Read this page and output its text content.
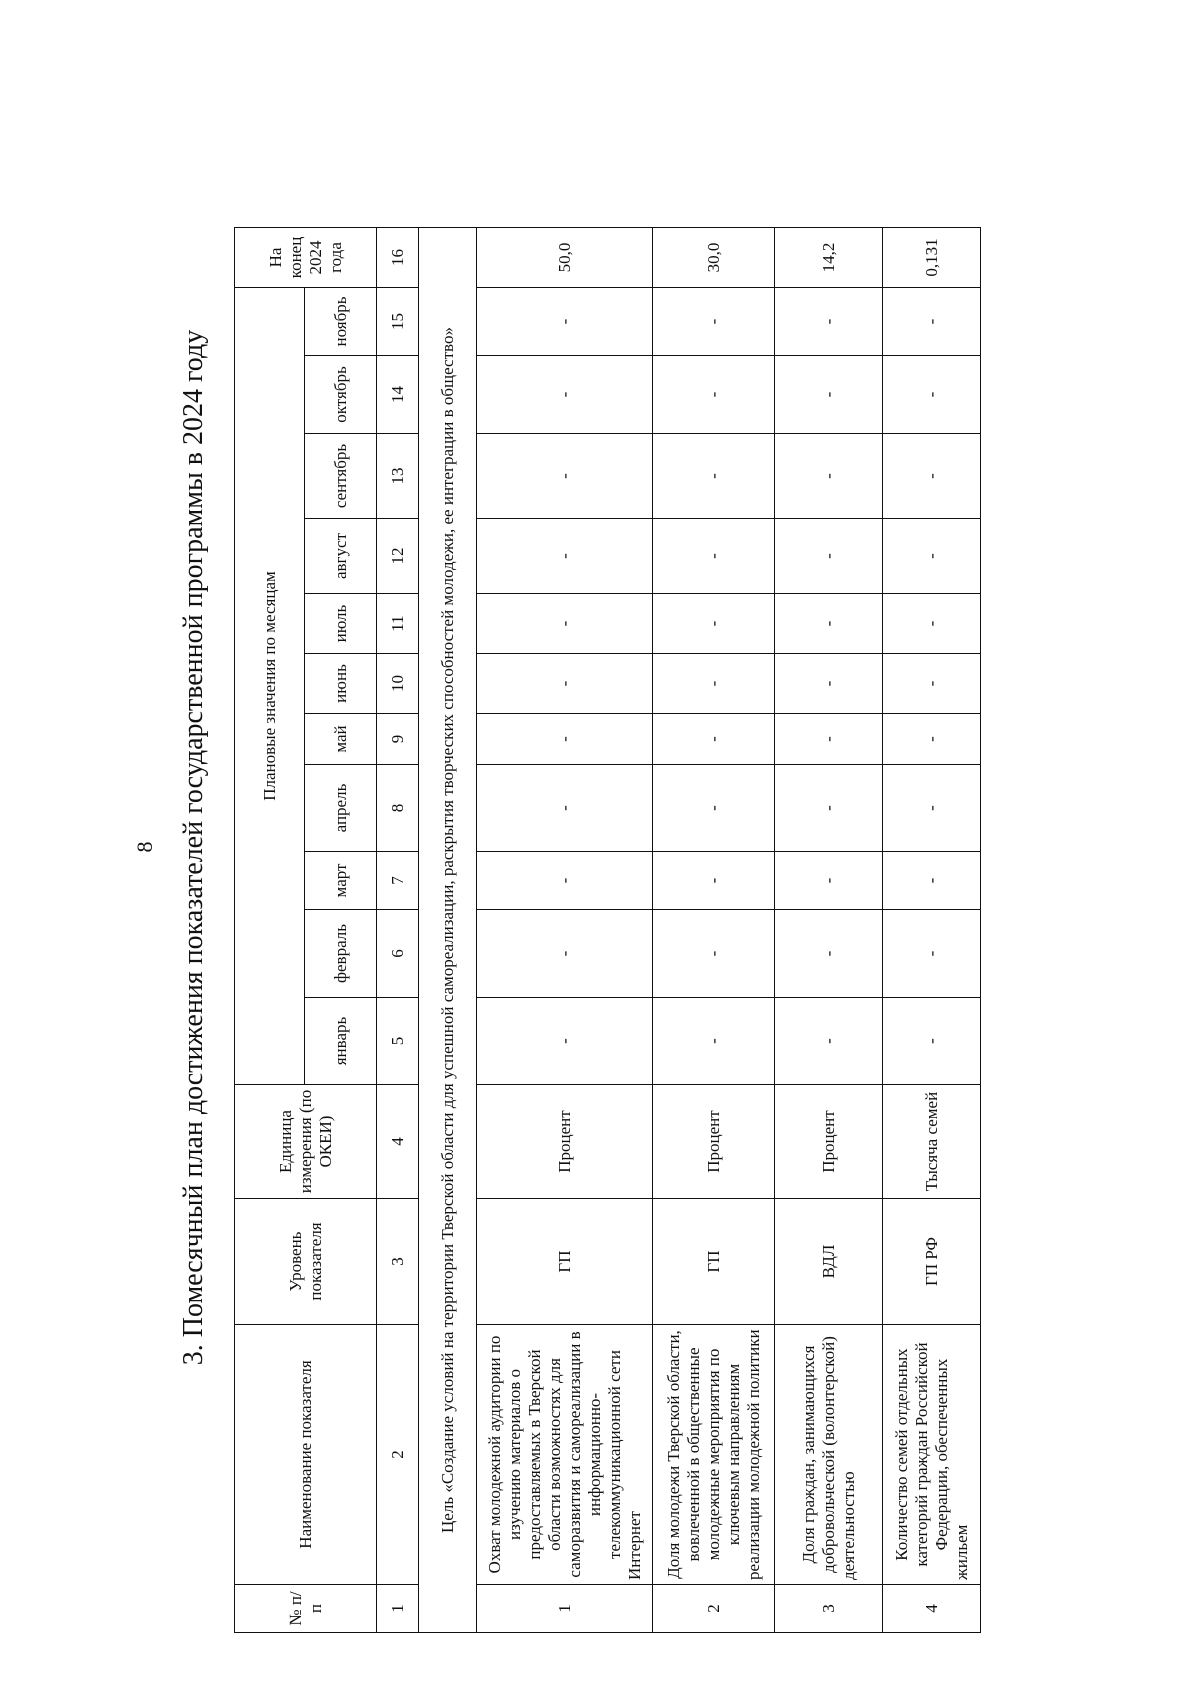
8 3. Помесячный план достижения показателей государственной программы в 2024 году
№ п/п	Наименование показателя	Уровень показателя	Единица измерения (по ОКЕИ)	Плановые значения по месяцам											На конец 2024 года
				январь	февраль	март	апрель	май	июнь	июль	август	сентябрь	октябрь	ноябрь	
1	2	3	4	5	6	7	8	9	10	11	12	13	14	15	16
Цель «Создание условий на территории Тверской области для успешной самореализации, раскрытия творческих способностей молодежи, ее интеграции в общество»															
1	Охват молодежной аудитории по изучению материалов о предоставляемых в Тверской области возможностях для саморазвития и самореализации в информационно-телекоммуникационной сети Интернет	ГП	Процент	-	-	-	-	-	-	-	-	-	-	-	50,0
2	Доля молодежи Тверской области, вовлеченной в общественные молодежные мероприятия по ключевым направлениям реализации молодежной политики	ГП	Процент	-	-	-	-	-	-	-	-	-	-	-	30,0
3	Доля граждан, занимающихся добровольческой (волонтерской) деятельностью	ВДЛ	Процент	-	-	-	-	-	-	-	-	-	-	-	14,2
4	Количество семей отдельных категорий граждан Российской Федерации, обеспеченных жильем	ГП РФ	Тысяча семей	-	-	-	-	-	-	-	-	-	-	-	0,131
